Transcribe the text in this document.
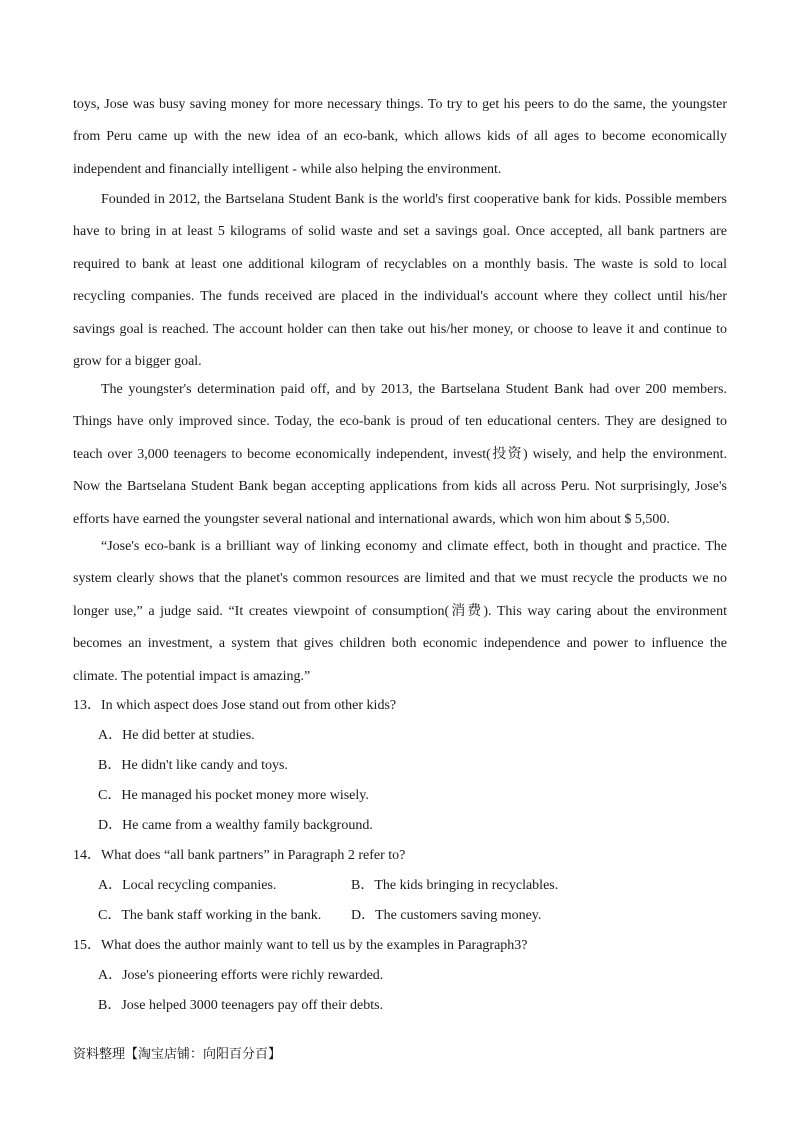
toys, Jose was busy saving money for more necessary things. To try to get his peers to do the same, the youngster from Peru came up with the new idea of an eco-bank, which allows kids of all ages to become economically independent and financially intelligent - while also helping the environment.

Founded in 2012, the Bartselana Student Bank is the world's first cooperative bank for kids. Possible members have to bring in at least 5 kilograms of solid waste and set a savings goal. Once accepted, all bank partners are required to bank at least one additional kilogram of recyclables on a monthly basis. The waste is sold to local recycling companies. The funds received are placed in the individual's account where they collect until his/her savings goal is reached. The account holder can then take out his/her money, or choose to leave it and continue to grow for a bigger goal.

The youngster's determination paid off, and by 2013, the Bartselana Student Bank had over 200 members. Things have only improved since. Today, the eco-bank is proud of ten educational centers. They are designed to teach over 3,000 teenagers to become economically independent, invest(投资) wisely, and help the environment. Now the Bartselana Student Bank began accepting applications from kids all across Peru. Not surprisingly, Jose's efforts have earned the youngster several national and international awards, which won him about $ 5,500.

“Jose's eco-bank is a brilliant way of linking economy and climate effect, both in thought and practice. The system clearly shows that the planet's common resources are limited and that we must recycle the products we no longer use,” a judge said. “It creates viewpoint of consumption(消费). This way caring about the environment becomes an investment, a system that gives children both economic independence and power to influence the climate. The potential impact is amazing.”

13．In which aspect does Jose stand out from other kids?
A．He did better at studies.
B．He didn't like candy and toys.
C．He managed his pocket money more wisely.
D．He came from a wealthy family background.
14．What does “all bank partners” in Paragraph 2 refer to?
A．Local recycling companies.	B．The kids bringing in recyclables.
C．The bank staff working in the bank. D．The customers saving money.
15．What does the author mainly want to tell us by the examples in Paragraph3?
A．Jose's pioneering efforts were richly rewarded.
B．Jose helped 3000 teenagers pay off their debts.
资料整理【淘宝店铺：向阳百分百】
